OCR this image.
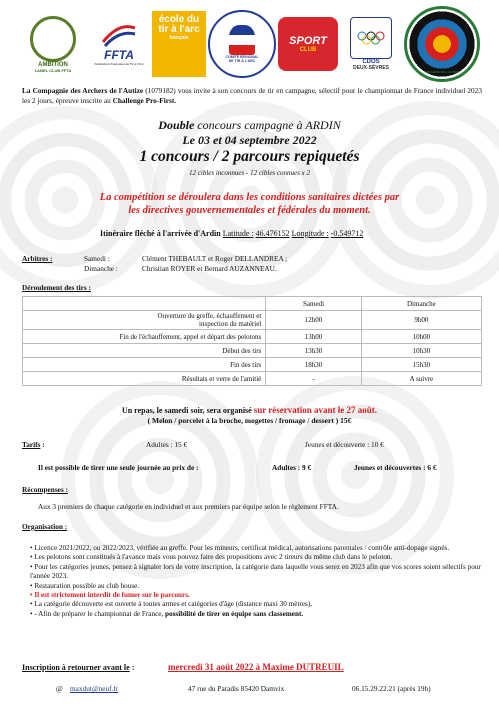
AMBITION
LABEL CLUB FFTA
FFTA
Fédération Française de Tir à l'Arc
école du tir à l'arc
français
COMITÉ RÉGIONAL
DE TIR À L'ARC
SPORT
CLUB
CDOS
DEUX-SÈVRES
ARCHERS DE L'AUTIZE
La Compagnie des Archers de l'Autize (1079182) vous invite à son concours de tir en campagne, sélectif pour le championnat de France individuel 2023 les 2 jours, épreuve inscrite au Challenge Pro-First.
Double concours campagne à ARDIN
Le 03 et 04 septembre 2022
1 concours / 2 parcours repiquetés
12 cibles inconnues - 12 cibles connues x 2
La compétition se déroulera dans les conditions sanitaires dictées par
les directives gouvernementales et fédérales du moment.
Itinéraire fléché à l'arrivée d'Ardin Latitude : 46.476152 Longitude : -0.549712
Arbitres :	Samedi :	Clément THEBAULT et Roger DELLANDREA ;
Dimanche :	Christian ROYER et Bernard AUZANNEAU.
Déroulement des tirs :
	Samedi	Dimanche
Ouverture du greffe, échauffement et inspection du matériel	12h00	9h00
Fin de l'échauffement, appel et départ des pelotons	13h00	10h00
Début des tirs	13h30	10h30
Fin des tirs	18h30	15h30
Résultats et verre de l'amitié	-	A suivre
Un repas, le samedi soir, sera organisé sur réservation avant le 27 août.
( Melon / porcelet à la broche, mogettes / fromage / dessert ) 15€
Tarifs :	Adultes : 15 €	Jeunes et découverte : 10 €
Il est possible de tirer une seule journée au prix de :	Adultes : 9 €	Jeunes et découvertes : 6 €
Récompenses :
Aux 3 premiers de chaque catégorie en individuel et aux premiers par équipe selon le règlement FFTA.
Organisation :
• Licence 2021/2022, ou 2022/2023, vérifiée au greffe. Pour les mineurs, certificat médical, autorisations parentales / contrôle anti-dopage signés.
• Les pelotons sont constitués à l'avance mais vous pouvez faire des propositions avec 2 tireurs du même club dans le peloton.
• Pour les catégories jeunes, pensez à signaler lors de votre inscription, la catégorie dans laquelle vous serez en 2023 afin que vos scores soient sélectifs pour l'année 2023.
• Restauration possible au club house.
• Il est strictement interdit de fumer sur le parcours.
• La catégorie découverte est ouverte à toutes armes et catégories d'âge (distance maxi 30 mètres),
• - Afin de préparer le championnat de France, possibilité de tirer en équipe sans classement.
Inscription à retourner avant le :	mercredi 31 août 2022 à Maxime DUTREUIL
@ maxdut@neuf.fr	47 rue du Paradis 85420 Damvix	06.15.29.22.21 (après 19h)
